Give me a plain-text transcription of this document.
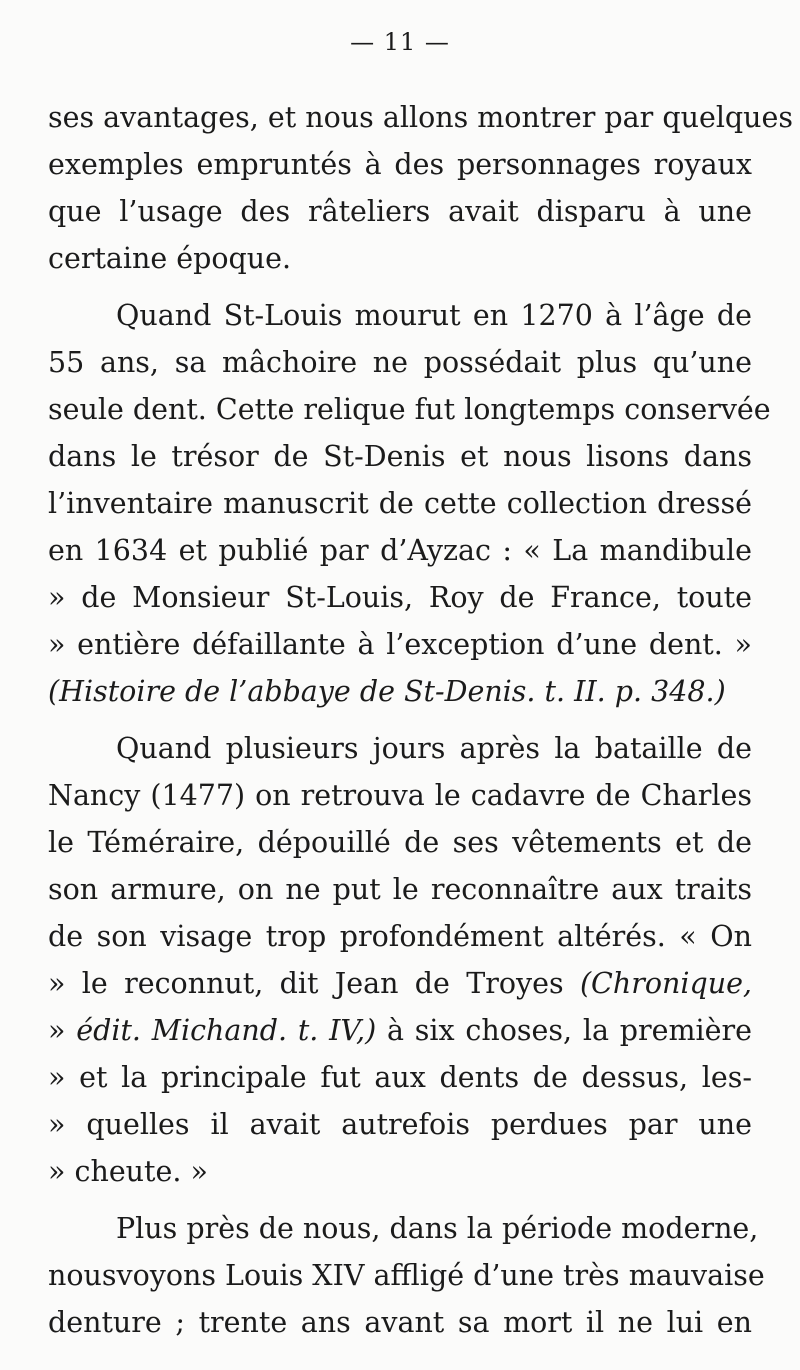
— 11 —
ses avantages, et nous allons montrer par quelques
exemples empruntés à des personnages royaux
que l’usage des râteliers avait disparu à une
certaine époque.
Quand St-Louis mourut en 1270 à l’âge de
55 ans, sa mâchoire ne possédait plus qu’une
seule dent. Cette relique fut longtemps conservée
dans le trésor de St-Denis et nous lisons dans
l’inventaire manuscrit de cette collection dressé
en 1634 et publié par d’Ayzac : « La mandibule
» de Monsieur St-Louis, Roy de France, toute
» entière défaillante à l’exception d’une dent. »
(Histoire de l’abbaye de St-Denis. t. II. p. 348.)
Quand plusieurs jours après la bataille de
Nancy (1477) on retrouva le cadavre de Charles
le Téméraire, dépouillé de ses vêtements et de
son armure, on ne put le reconnaître aux traits
de son visage trop profondément altérés. « On
» le reconnut, dit Jean de Troyes (Chronique,
» édit. Michand. t. IV,) à six choses, la première
» et la principale fut aux dents de dessus, les-
» quelles il avait autrefois perdues par une
» cheute. »
Plus près de nous, dans la période moderne,
nousvoyons Louis XIV affligé d’une très mauvaise
denture ; trente ans avant sa mort il ne lui en
